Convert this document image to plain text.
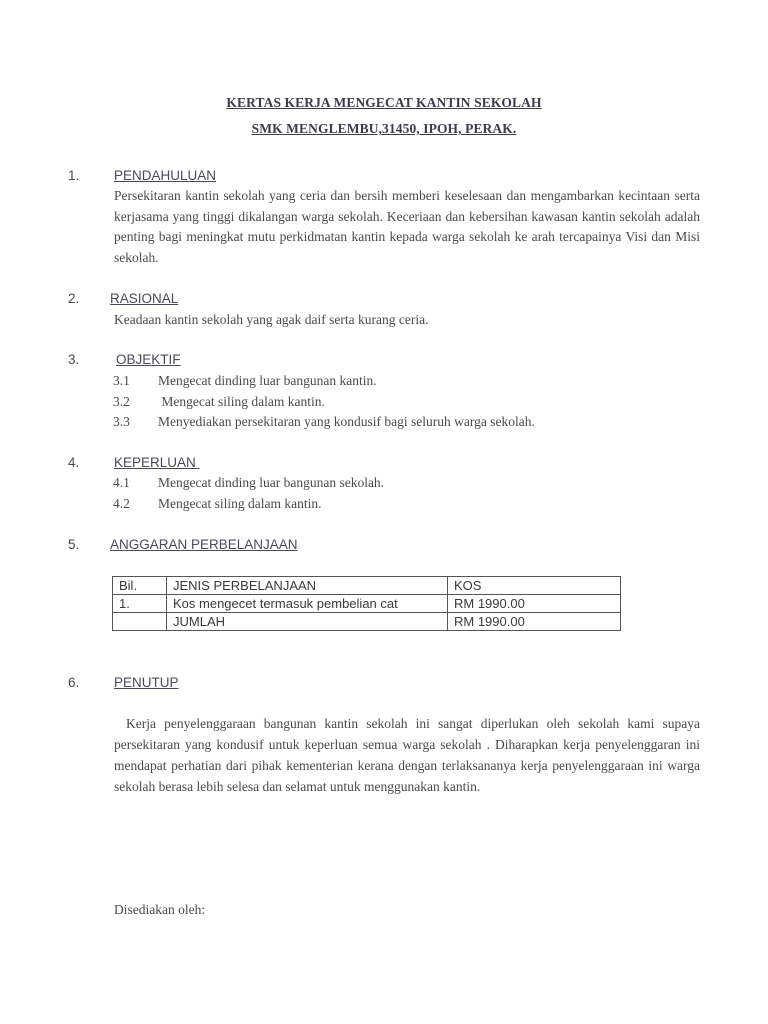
KERTAS KERJA MENGECAT KANTIN SEKOLAH
SMK MENGLEMBU,31450, IPOH, PERAK.
1.	PENDAHULUAN
Persekitaran kantin sekolah yang ceria dan bersih memberi keselesaan dan mengambarkan kecintaan serta kerjasama yang tinggi dikalangan warga sekolah. Keceriaan dan kebersihan kawasan kantin sekolah adalah penting bagi meningkat mutu perkidmatan kantin kepada warga sekolah ke arah tercapainya Visi dan Misi sekolah.
2. RASIONAL
Keadaan kantin sekolah yang agak daif serta kurang ceria.
3.	OBJEKTIF
3.1 Mengecat dinding luar bangunan kantin.
3.2 Mengecat siling dalam kantin.
3.3 Menyediakan persekitaran yang kondusif bagi seluruh warga sekolah.
4.	KEPERLUAN
4.1 Mengecat dinding luar bangunan sekolah.
4.2 Mengecat siling dalam kantin.
5. ANGGARAN PERBELANJAAN
Bil.	JENIS PERBELANJAAN	KOS
1.	Kos mengecet termasuk pembelian cat	RM 1990.00
	JUMLAH	RM 1990.00
6.	PENUTUP
Kerja penyelenggaraan bangunan kantin sekolah ini sangat diperlukan oleh sekolah kami supaya persekitaran yang kondusif untuk keperluan semua warga sekolah . Diharapkan kerja penyelenggaran ini mendapat perhatian dari pihak kementerian kerana dengan terlaksananya kerja penyelenggaraan ini warga sekolah berasa lebih selesa dan selamat untuk menggunakan kantin.
Disediakan oleh:
